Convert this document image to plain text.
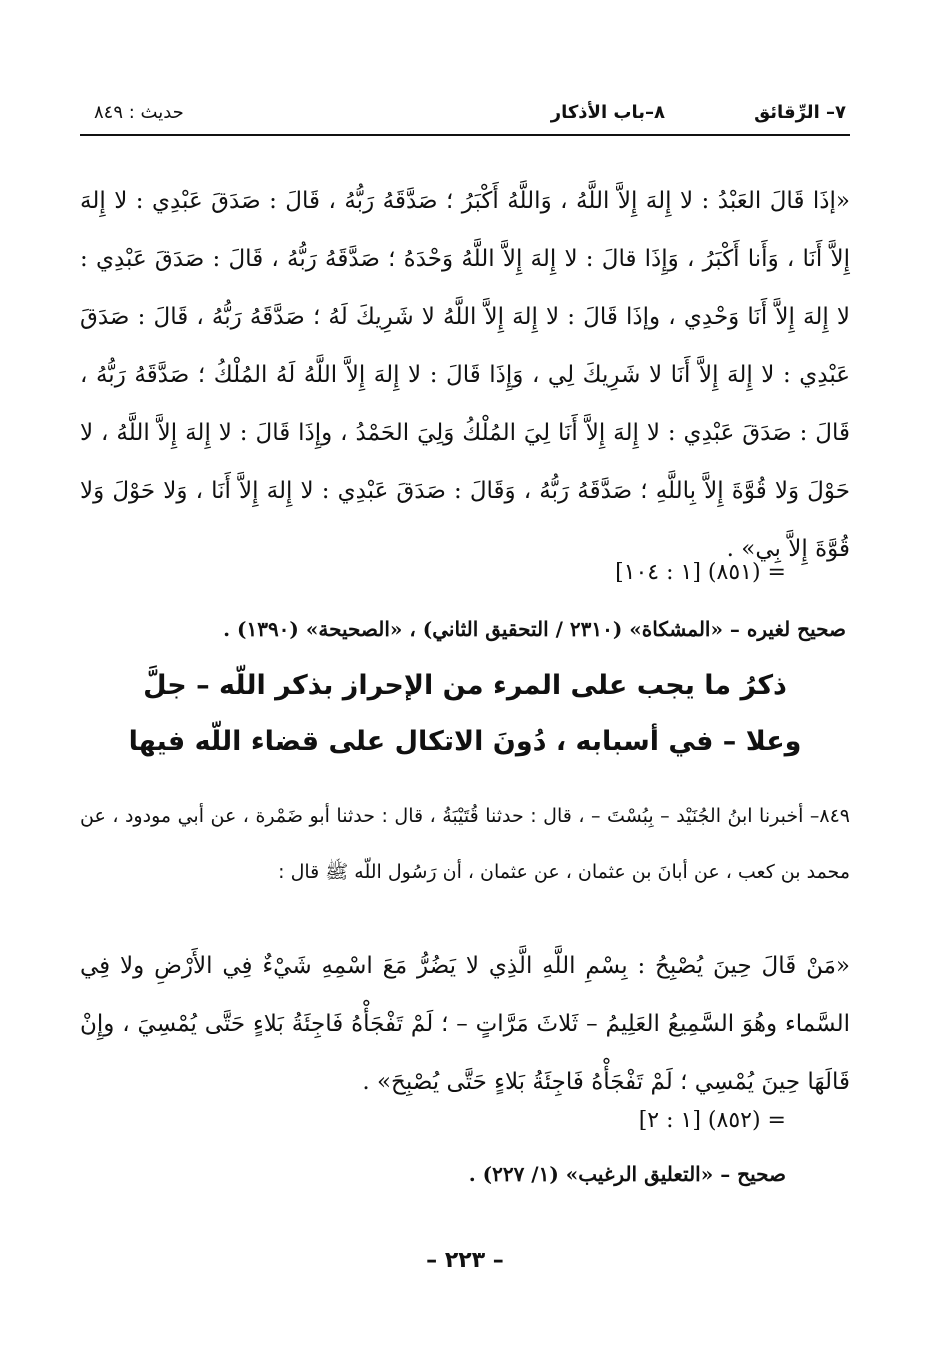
٧– الرِّقائق
٨–باب الأذكار
حديث : ٨٤٩
«إذَا قَالَ العَبْدُ : لا إِلهَ إِلاَّ اللَّهُ ، وَاللَّهُ أَكْبَرُ ؛ صَدَّقَهُ رَبُّهُ ، قَالَ : صَدَقَ عَبْدِي : لا إِلهَ إِلاَّ أَنَا ، وَأَنا أَكْبَرُ ، وَإِذَا قالَ : لا إِلهَ إِلاَّ اللَّهُ وَحْدَهُ ؛ صَدَّقَهُ رَبُّهُ ، قَالَ : صَدَقَ عَبْدِي : لا إِلهَ إِلاَّ أَنَا وَحْدِي ، وإذَا قَالَ : لا إِلهَ إِلاَّ اللَّهُ لا شَرِيكَ لَهُ ؛ صَدَّقَهُ رَبُّهُ ، قَالَ : صَدَقَ عَبْدِي : لا إِلهَ إِلاَّ أَنَا لا شَرِيكَ لِي ، وَإِذَا قَالَ : لا إِلهَ إِلاَّ اللَّهُ لَهُ المُلْكُ ؛ صَدَّقَهُ رَبُّهُ ، قَالَ : صَدَقَ عَبْدِي : لا إِلهَ إِلاَّ أَنَا لِيَ المُلْكُ وَلِيَ الحَمْدُ ، وإِذَا قَالَ : لا إِلهَ إِلاَّ اللَّهُ ، لا حَوْلَ وَلا قُوَّةَ إِلاَّ بِاللَّهِ ؛ صَدَّقَهُ رَبُّهُ ، وَقَالَ : صَدَقَ عَبْدِي : لا إِلهَ إِلاَّ أَنَا ، وَلا حَوْلَ وَلا قُوَّةَ إِلاَّ بِي» .
= (٨٥١) [١ : ١٠٤]
صحيح لغيره – «المشكاة» (٢٣١٠ / التحقيق الثاني) ، «الصحيحة» (١٣٩٠) .
ذكرُ ما يجب على المرء من الإحراز بذكر اللّه – جلَّ
وعلا – في أسبابه ، دُونَ الاتكال على قضاء اللّه فيها
٨٤٩– أخبرنا ابنُ الجُنَيْد – بِبُسْتَ – ، قال : حدثنا قُتَيْبَةُ ، قال : حدثنا أبو ضَمْرة ، عن أبي مودود ، عن محمد بن كعب ، عن أبانَ بن عثمان ، عن عثمان ، أن رَسُول اللّه ﷺ قال :
«مَنْ قَالَ حِينَ يُصْبِحُ : بِسْمِ اللَّهِ الَّذِي لا يَضُرُّ مَعَ اسْمِهِ شَيْءٌ فِي الأَرْضِ ولا فِي السَّماء وهُوَ السَّمِيعُ العَلِيمُ – ثَلاثَ مَرَّاتٍ – ؛ لَمْ تَفْجَأْهُ فَاجِئَةُ بَلاءٍ حَتَّى يُمْسِيَ ، وإِنْ قَالَهَا حِينَ يُمْسِي ؛ لَمْ تَفْجَأْهُ فَاجِئَةُ بَلاءٍ حَتَّى يُصْبِحَ» .
= (٨٥٢) [١ : ٢]
صحيح – «التعليق الرغيب» (١/ ٢٢٧) .
– ٢٢٣ –
